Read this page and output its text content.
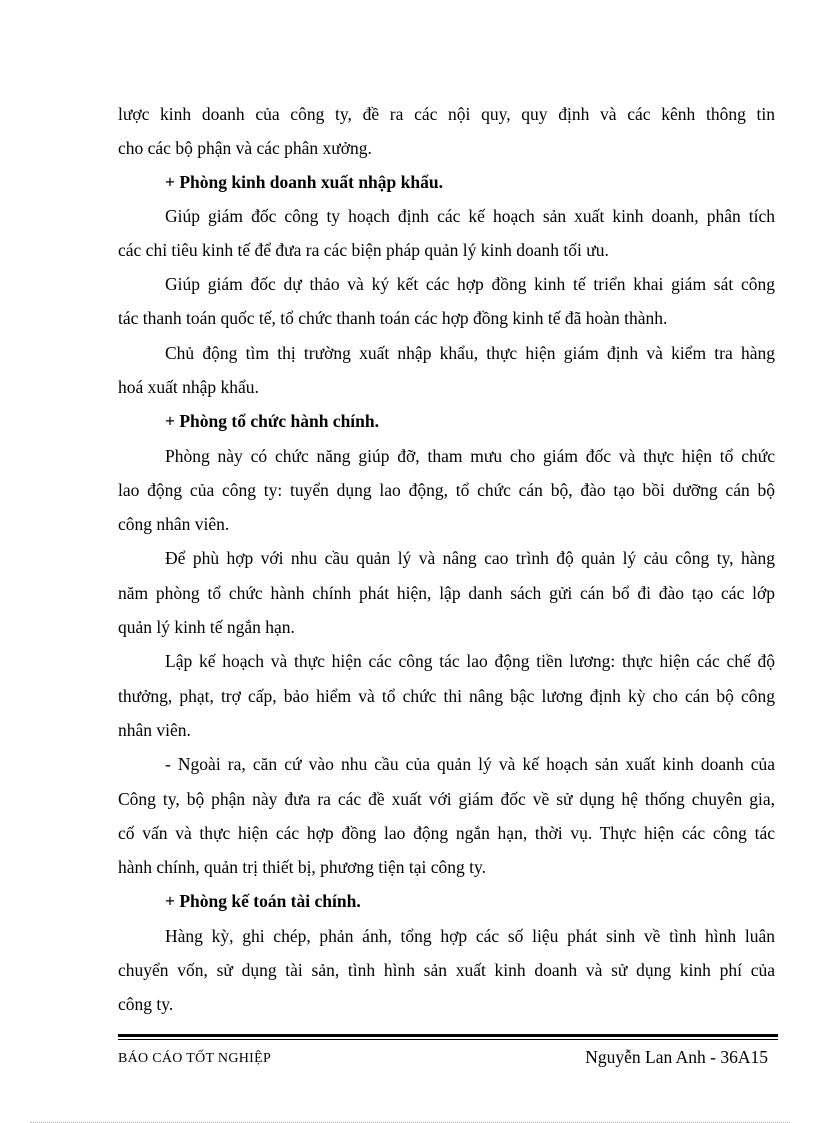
lược kinh doanh của công ty, đề ra các nội quy, quy định và các kênh thông tin
cho các bộ phận và các phân xưởng.
+ Phòng kinh doanh xuất nhập khẩu.
Giúp giám đốc công ty hoạch định các kế hoạch sản xuất kinh doanh, phân tích
các chỉ tiêu kinh tế để đưa ra các biện pháp quản lý kinh doanh tối ưu.
Giúp giám đốc dự thảo và ký kết các hợp đồng kinh tế triển khai giám sát công
tác thanh toán quốc tế, tổ chức thanh toán các hợp đồng kinh tế đã hoàn thành.
Chủ động tìm thị trường xuất nhập khẩu, thực hiện giám định và kiểm tra hàng
hoá xuất nhập khẩu.
+ Phòng tổ chức hành chính.
Phòng này có chức năng giúp đỡ, tham mưu cho giám đốc và thực hiện tổ chức
lao động của công ty: tuyển dụng lao động, tổ chức cán bộ, đào tạo bồi dưỡng cán bộ
công nhân viên.
Để phù hợp với nhu cầu quản lý và nâng cao trình độ quản lý cảu công ty, hàng
năm phòng tổ chức hành chính phát hiện, lập danh sách gửi cán bổ đi đào tạo các lớp
quản lý kinh tế ngắn hạn.
Lập kế hoạch và thực hiện các công tác lao động tiền lương: thực hiện các chế độ
thưởng, phạt, trợ cấp, bảo hiểm và tổ chức thi nâng bậc lương định kỳ cho cán bộ công
nhân viên.
- Ngoài ra, căn cứ vào nhu cầu của quản lý và kế hoạch sản xuất kinh doanh của
Công ty, bộ phận này đưa ra các đề xuất với giám đốc về sử dụng hệ thống chuyên gia,
cố vấn và thực hiện các hợp đồng lao động ngắn hạn, thời vụ. Thực hiện các công tác
hành chính, quản trị thiết bị, phương tiện tại công ty.
+ Phòng kế toán tài chính.
Hàng kỳ, ghi chép, phản ánh, tổng hợp các số liệu phát sinh về tình hình luân
chuyển vốn, sử dụng tài sản, tình hình sản xuất kinh doanh và sử dụng kinh phí của
công ty.
BÁO CÁO TỐT NGHIỆP	Nguyễn Lan Anh - 36A15
